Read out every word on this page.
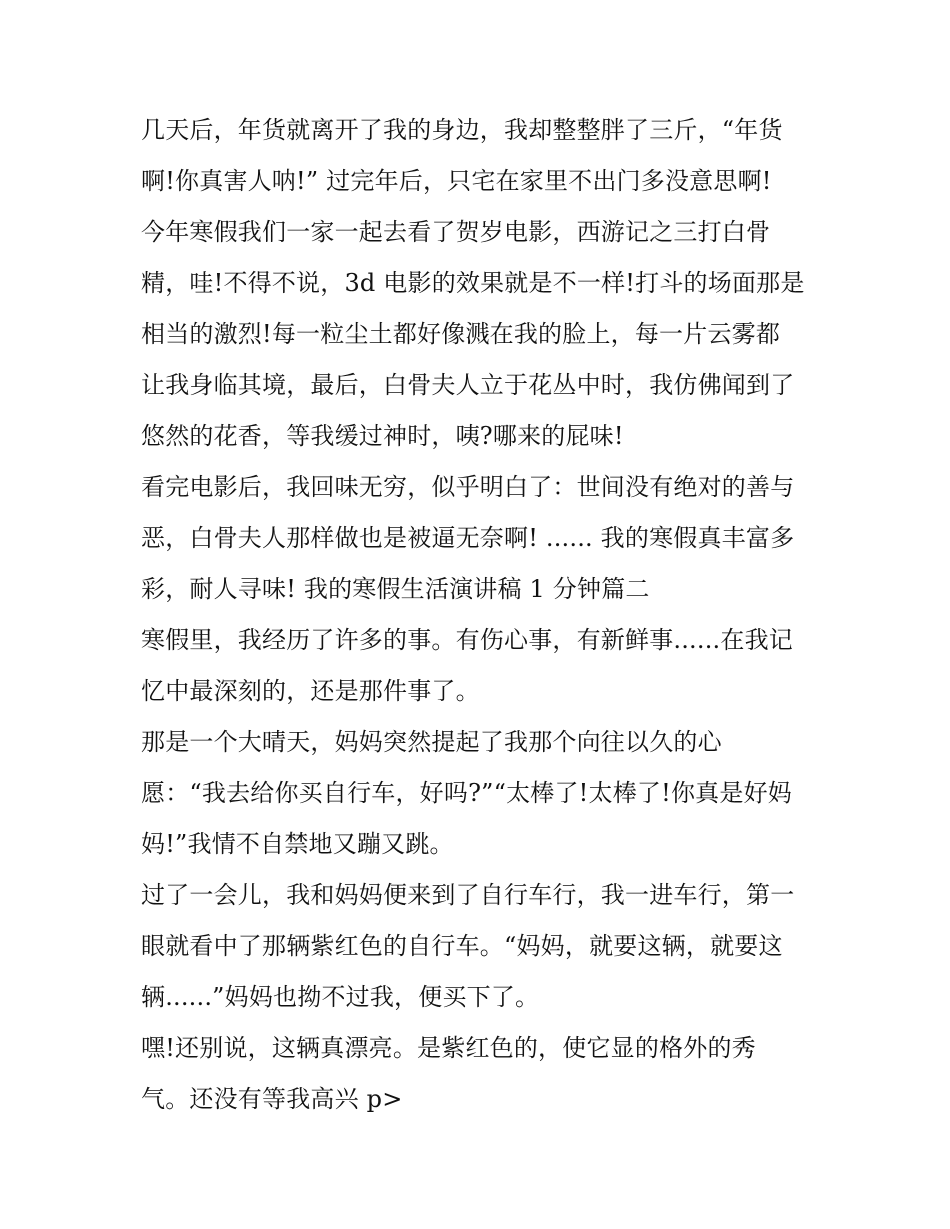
几天后，年货就离开了我的身边，我却整整胖了三斤，“年货
啊!你真害人呐!” 过完年后，只宅在家里不出门多没意思啊!
今年寒假我们一家一起去看了贺岁电影，西游记之三打白骨
精，哇!不得不说，3d 电影的效果就是不一样!打斗的场面那是
相当的激烈!每一粒尘土都好像溅在我的脸上，每一片云雾都
让我身临其境，最后，白骨夫人立于花丛中时，我仿佛闻到了
悠然的花香，等我缓过神时，咦?哪来的屁味!
看完电影后，我回味无穷，似乎明白了：世间没有绝对的善与
恶，白骨夫人那样做也是被逼无奈啊! ...... 我的寒假真丰富多
彩，耐人寻味! 我的寒假生活演讲稿 1 分钟篇二
寒假里，我经历了许多的事。有伤心事，有新鲜事......在我记
忆中最深刻的，还是那件事了。
那是一个大晴天，妈妈突然提起了我那个向往以久的心
愿：“我去给你买自行车，好吗?”“太棒了!太棒了!你真是好妈
妈!”我情不自禁地又蹦又跳。
过了一会儿，我和妈妈便来到了自行车行，我一进车行，第一
眼就看中了那辆紫红色的自行车。“妈妈，就要这辆，就要这
辆......”妈妈也拗不过我，便买下了。
嘿!还别说，这辆真漂亮。是紫红色的，使它显的格外的秀
气。还没有等我高兴 p>
